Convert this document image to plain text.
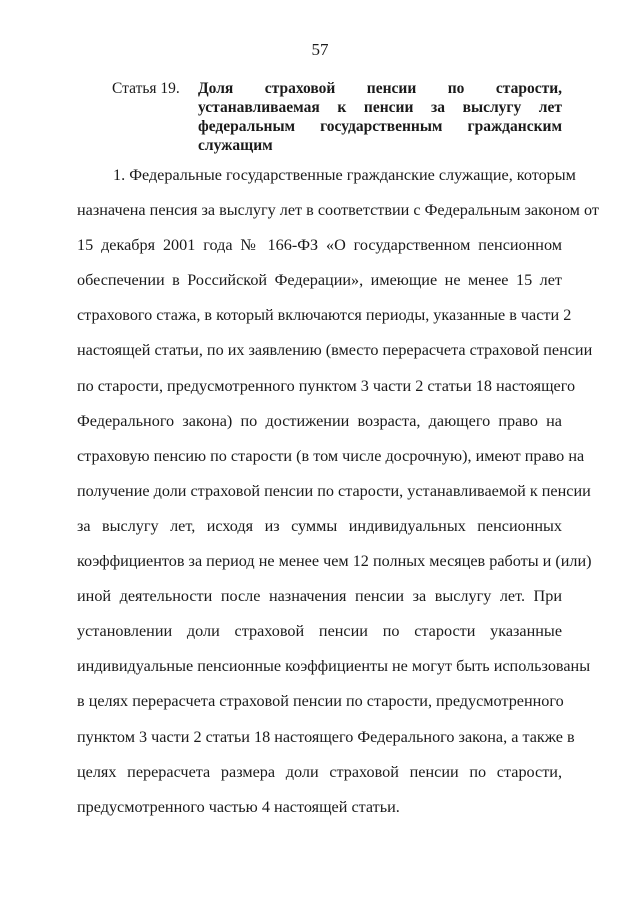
57
Статья 19. Доля страховой пенсии по старости,
устанавливаемая к пенсии за выслугу лет
федеральным государственным гражданским
служащим
1. Федеральные государственные гражданские служащие, которым
назначена пенсия за выслугу лет в соответствии с Федеральным законом от
15 декабря 2001 года № 166-ФЗ «О государственном пенсионном
обеспечении в Российской Федерации», имеющие не менее 15 лет
страхового стажа, в который включаются периоды, указанные в части 2
настоящей статьи, по их заявлению (вместо перерасчета страховой пенсии
по старости, предусмотренного пунктом 3 части 2 статьи 18 настоящего
Федерального закона) по достижении возраста, дающего право на
страховую пенсию по старости (в том числе досрочную), имеют право на
получение доли страховой пенсии по старости, устанавливаемой к пенсии
за выслугу лет, исходя из суммы индивидуальных пенсионных
коэффициентов за период не менее чем 12 полных месяцев работы и (или)
иной деятельности после назначения пенсии за выслугу лет. При
установлении доли страховой пенсии по старости указанные
индивидуальные пенсионные коэффициенты не могут быть использованы
в целях перерасчета страховой пенсии по старости, предусмотренного
пунктом 3 части 2 статьи 18 настоящего Федерального закона, а также в
целях перерасчета размера доли страховой пенсии по старости,
предусмотренного частью 4 настоящей статьи.
